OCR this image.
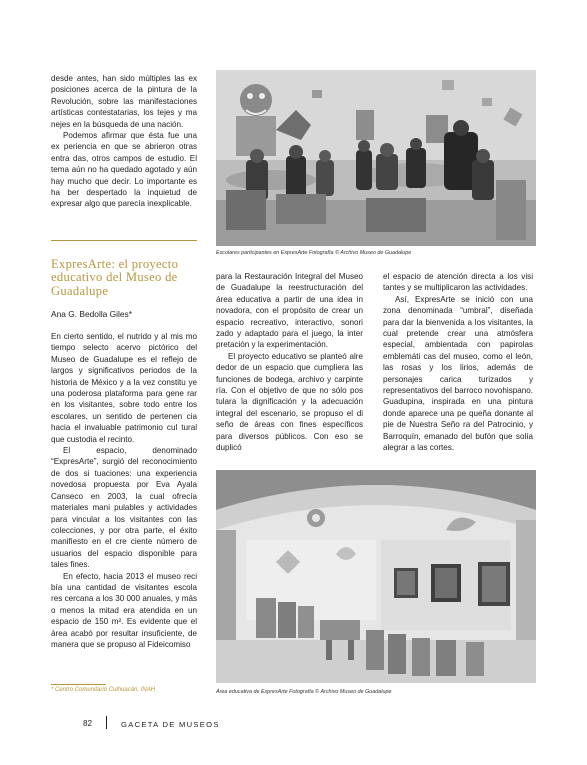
desde antes, han sido múltiples las ex posiciones acerca de la pintura de la Revolución, sobre las manifestaciones artísticas contestatarias, los tejes y ma nejes en la búsqueda de una nación.

Podemos afirmar que ésta fue una ex periencia en que se abrieron otras entra das, otros campos de estudio. El tema aún no ha quedado agotado y aún hay mucho que decir. Lo importante es ha ber despertado la inquietud de expresar algo que parecía inexplicable.

Escolares participantes en ExpresArte Fotografía © Archivo Museo de Guadalupe
ExpresArte: el proyecto educativo del Museo de Guadalupe
Ana G. Bedolla Giles*

En cierto sentido, el nutrido y al mis mo tiempo selecto acervo pictórico del Museo de Guadalupe es el reflejo de largos y significativos periodos de la historia de México y a la vez constitu ye una poderosa plataforma para gene rar en los visitantes, sobre todo entre los escolares, un sentido de pertenen cia hacia el invaluable patrimonio cul tural que custodia el recinto.

El espacio, denominado “ExpresArte”, surgió del reconocimiento de dos si tuaciones: una experiencia novedosa propuesta por Eva Ayala Canseco en 2003, la cual ofrecía materiales mani pulables y actividades para vincular a los visitantes con las colecciones, y por otra parte, el éxito manifiesto en el cre ciente número de usuarios del espacio disponible para tales fines.

En efecto, hacia 2013 el museo reci bía una cantidad de visitantes escola res cercana a los 30 000 anuales, y más o menos la mitad era atendida en un espacio de 150 m². Es evidente que el área acabó por resultar insuficiente, de manera que se propuso al Fideicomiso

para la Restauración Integral del Museo de Guadalupe la reestructuración del área educativa a partir de una idea in novadora, con el propósito de crear un espacio recreativo, interactivo, sonori zado y adaptado para el juego, la inter pretación y la experimentación.

El proyecto educativo se planteó alre dedor de un espacio que cumpliera las funciones de bodega, archivo y carpinte ría. Con el objetivo de que no sólo pos tulara la dignificación y la adecuación integral del escenario, se propuso el di seño de áreas con fines específicos para diversos públicos. Con eso se duplicó

el espacio de atención directa a los visi tantes y se multiplicaron las actividades.

Así, ExpresArte se inició con una zona denominada “umbral”, diseñada para dar la bienvenida a los visitantes, la cual pretende crear una atmósfera especial, ambientada con papirolas emblemáti cas del museo, como el león, las rosas y los lirios, además de personajes carica turizados y representativos del barroco novohispano. Guadupina, inspirada en una pintura donde aparece una pe queña donante al pie de Nuestra Seño ra del Patrocinio, y Barroquín, emanado del bufón que solía alegrar a las cortes.

Área educativa de ExpresArte Fotografía © Archivo Museo de Guadalupe
* Centro Comunitario Culhuacán, INAH
82	GACETA DE MUSEOS
